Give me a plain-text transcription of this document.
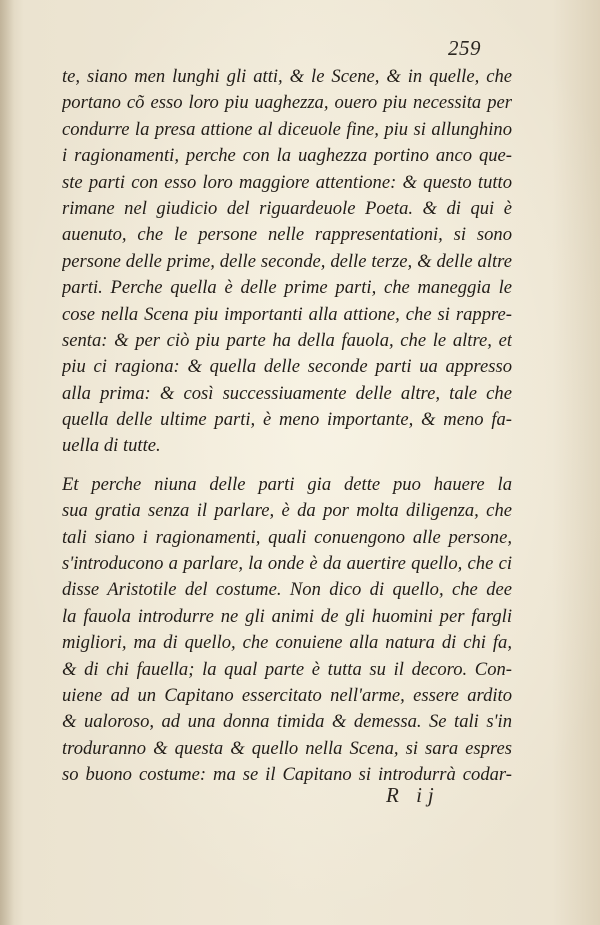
259
te, siano men lunghi gli atti, & le Scene, & in quelle, che
portano cõ esso loro piu uaghezza, ouero piu necessita per
condurre la presa attione al diceuole fine, piu si allunghino
i ragionamenti, perche con la uaghezza portino anco que-
ste parti con esso loro maggiore attentione: & questo tutto
rimane nel giudicio del riguardeuole Poeta. & di qui è
auenuto, che le persone nelle rappresentationi, si sono
persone delle prime, delle seconde, delle terze, & delle altre
parti. Perche quella è delle prime parti, che maneggia le
cose nella Scena piu importanti alla attione, che si rappre-
senta: & per ciò piu parte ha della fauola, che le altre, et
piu ci ragiona: & quella delle seconde parti ua appresso
alla prima: & così successiuamente delle altre, tale che
quella delle ultime parti, è meno importante, & meno fa-
uella di tutte.
Et perche niuna delle parti gia dette puo hauere la
sua gratia senza il parlare, è da por molta diligenza, che
tali siano i ragionamenti, quali conuengono alle persone,
s'introducono a parlare, la onde è da auertire quello, che ci
disse Aristotile del costume. Non dico di quello, che dee
la fauola introdurre ne gli animi de gli huomini per fargli
migliori, ma di quello, che conuiene alla natura di chi fa,
& di chi fauella; la qual parte è tutta su il decoro. Con-
uiene ad un Capitano essercitato nell'arme, essere ardito
& ualoroso, ad una donna timida & demessa. Se tali s'in
troduranno & questa & quello nella Scena, si sara espres
so buono costume: ma se il Capitano si introdurrà codar-
R ij
